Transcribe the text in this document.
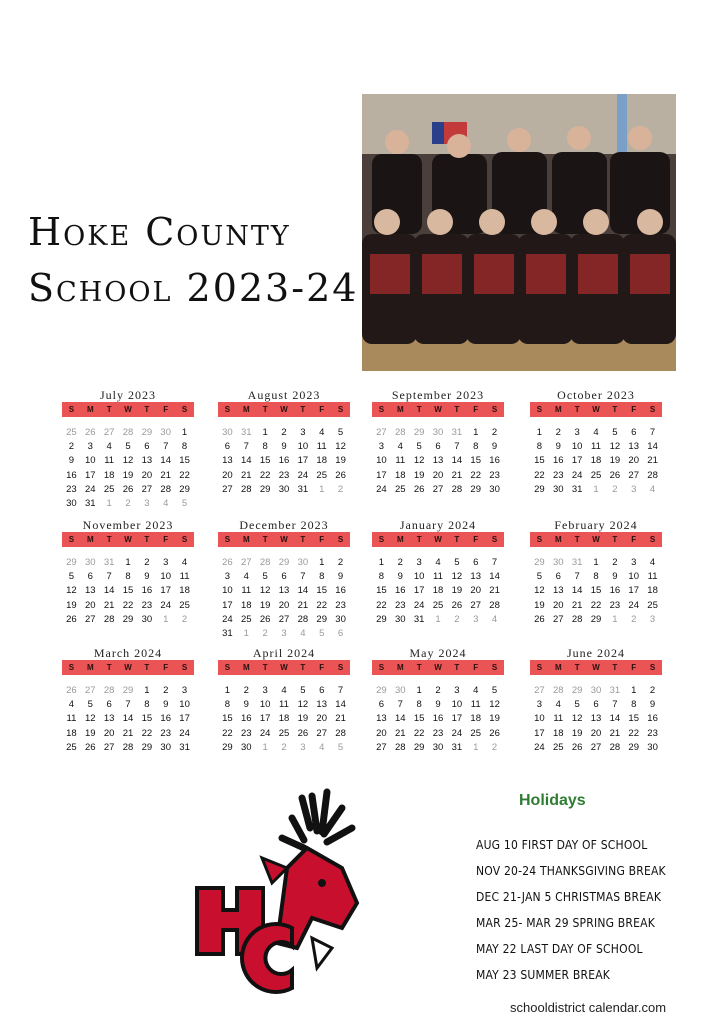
Hoke County
School 2023-24
July 2023
S	M	T	W	T	F	S
25 26 27 28 29 30	1
2	3	4	5	6	7	8
9	10 11 12 13 14 15
16 17 18 19 20 21 22
23 24 25 26 27 28 29
30 31	1	2	3	4	5
August 2023
S	M	T	W	T	F	S
30 31	1	2	3	4	5
6	7	8	9	10 11 12
13 14 15 16 17 18 19
20 21 22 23 24 25 26
27 28 29 30 31	1	2
September 2023
S	M	T	W	T	F	S
27 28 29 30 31	1	2
3	4	5	6	7	8	9
10 11 12 13 14 15 16
17 18 19 20 21 22 23
24 25 26 27 28 29 30
October 2023
S	M	T	W	T	F	S
1	2	3	4	5	6	7
8	9	10 11 12 13 14
15 16 17 18 19 20 21
22 23 24 25 26 27 28
29 30 31	1	2	3	4
November 2023
S	M	T	W	T	F	S
29 30 31	1	2	3	4
5	6	7	8	9	10 11
12 13 14 15 16 17 18
19 20 21 22 23 24 25
26 27 28 29 30	1	2
December 2023
S	M	T	W	T	F	S
26 27 28 29 30	1	2
3	4	5	6	7	8	9
10 11 12 13 14 15 16
17 18 19 20 21 22 23
24 25 26 27 28 29 30
31	1	2	3	4	5	6
January 2024
S	M	T	W	T	F	S
1	2	3	4	5	6	7
8	9	10 11 12 13 14
15 16 17 18 19 20 21
22 23 24 25 26 27 28
29 30 31	1	2	3	4
February 2024
S	M	T	W	T	F	S
29 30 31	1	2	3	4
5	6	7	8	9	10 11
12 13 14 15 16 17 18
19 20 21 22 23 24 25
26 27 28 29	1	2	3
March 2024
S	M	T	W	T	F	S
26 27 28 29	1	2	3
4	5	6	7	8	9	10
11 12 13 14 15 16 17
18 19 20 21 22 23 24
25 26 27 28 29 30 31
April 2024
S	M	T	W	T	F	S
1	2	3	4	5	6	7
8	9	10 11 12 13 14
15 16 17 18 19 20 21
22 23 24 25 26 27 28
29 30	1	2	3	4	5
May 2024
S	M	T	W	T	F	S
29 30	1	2	3	4	5
6	7	8	9	10 11 12
13 14 15 16 17 18 19
20 21 22 23 24 25 26
27 28 29 30 31	1	2
June 2024
S	M	T	W	T	F	S
27 28 29 30 31	1	2
3	4	5	6	7	8	9
10 11 12 13 14 15 16
17 18 19 20 21 22 23
24 25 26 27 28 29 30
Holidays
AUG 10 FIRST DAY OF SCHOOL
NOV 20-24 THANKSGIVING BREAK
DEC 21-JAN 5 CHRISTMAS BREAK
MAR 25- MAR 29 SPRING BREAK
MAY 22 LAST DAY OF SCHOOL
MAY 23 SUMMER BREAK
schooldistrict calendar.com
